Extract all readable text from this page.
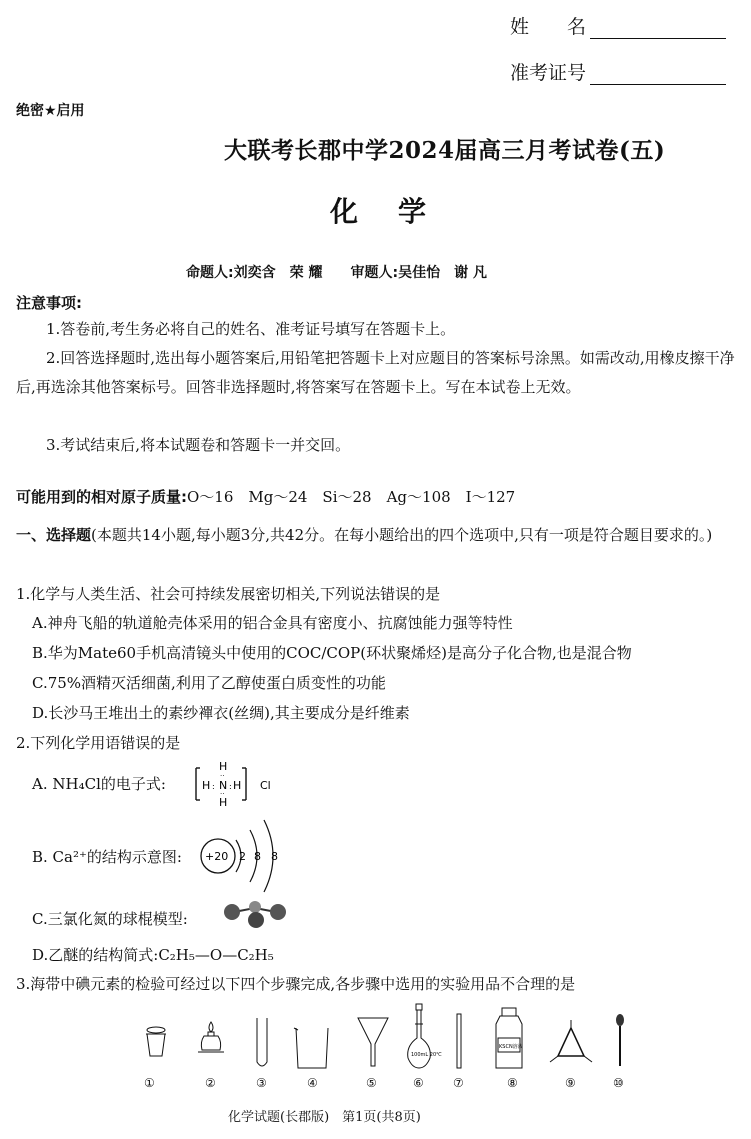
姓　　名
准考证号
绝密★启用
大联考长郡中学2024届高三月考试卷(五)
化　学
命题人:刘奕含　荣 耀　　审题人:吴佳怡　谢 凡
注意事项:
1.答卷前,考生务必将自己的姓名、准考证号填写在答题卡上。
2.回答选择题时,选出每小题答案后,用铅笔把答题卡上对应题目的答案标号涂黑。如需改动,用橡皮擦干净后,再选涂其他答案标号。回答非选择题时,将答案写在答题卡上。写在本试卷上无效。
3.考试结束后,将本试题卷和答题卡一并交回。
可能用到的相对原子质量:O～16　Mg～24　Si～28　Ag～108　I～127
一、选择题(本题共14小题,每小题3分,共42分。在每小题给出的四个选项中,只有一项是符合题目要求的。)
1.化学与人类生活、社会可持续发展密切相关,下列说法错误的是
A.神舟飞船的轨道舱壳体采用的铝合金具有密度小、抗腐蚀能力强等特性
B.华为Mate60手机高清镜头中使用的COC/COP(环状聚烯烃)是高分子化合物,也是混合物
C.75%酒精灭活细菌,利用了乙醇使蛋白质变性的功能
D.长沙马王堆出土的素纱襌衣(丝绸),其主要成分是纤维素
2.下列化学用语错误的是
A. NH₄Cl的电子式:	H : N : H
H
··
··
H
Cl
B. Ca²⁺的结构示意图: +20 2 8 8
C.三氯化氮的球棍模型:
D.乙醚的结构简式:C₂H₅—O—C₂H₅
3.海带中碘元素的检验可经过以下四个步骤完成,各步骤中选用的实验用品不合理的是
100mL 20℃
KSCN溶液
①	②	③	④	⑤	⑥ ⑦	⑧	⑨	⑩
化学试题(长郡版)　第1页(共8页)
